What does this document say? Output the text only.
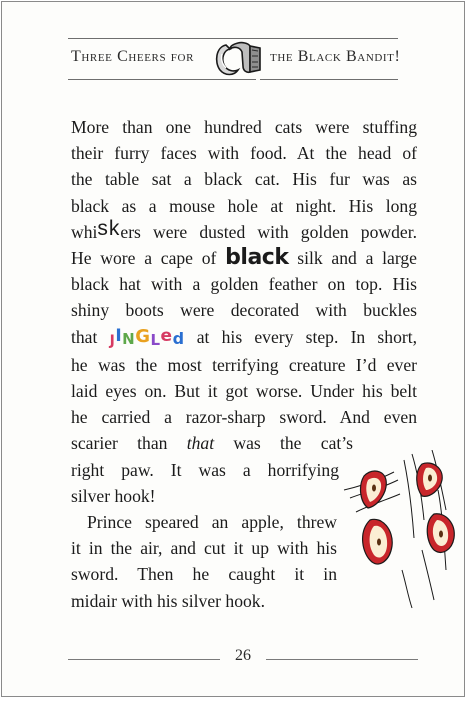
Three Cheers for	the Black Bandit!
More than one hundred cats were stuffing
their furry faces with food. At the head of
the table sat a black cat. His fur was as
black as a mouse hole at night. His long
whiskers were dusted with golden powder.
He wore a cape of black silk and a large
black hat with a golden feather on top. His
shiny boots were decorated with buckles
that JINGLed at his every step. In short,
he was the most terrifying creature I’d ever
laid eyes on. But it got worse. Under his belt
he carried a razor-sharp sword. And even
scarier than that was the cat’s
right paw. It was a horrifying
silver hook!
Prince speared an apple, threw
it in the air, and cut it up with his
sword. Then he caught it in
midair with his silver hook.
26
